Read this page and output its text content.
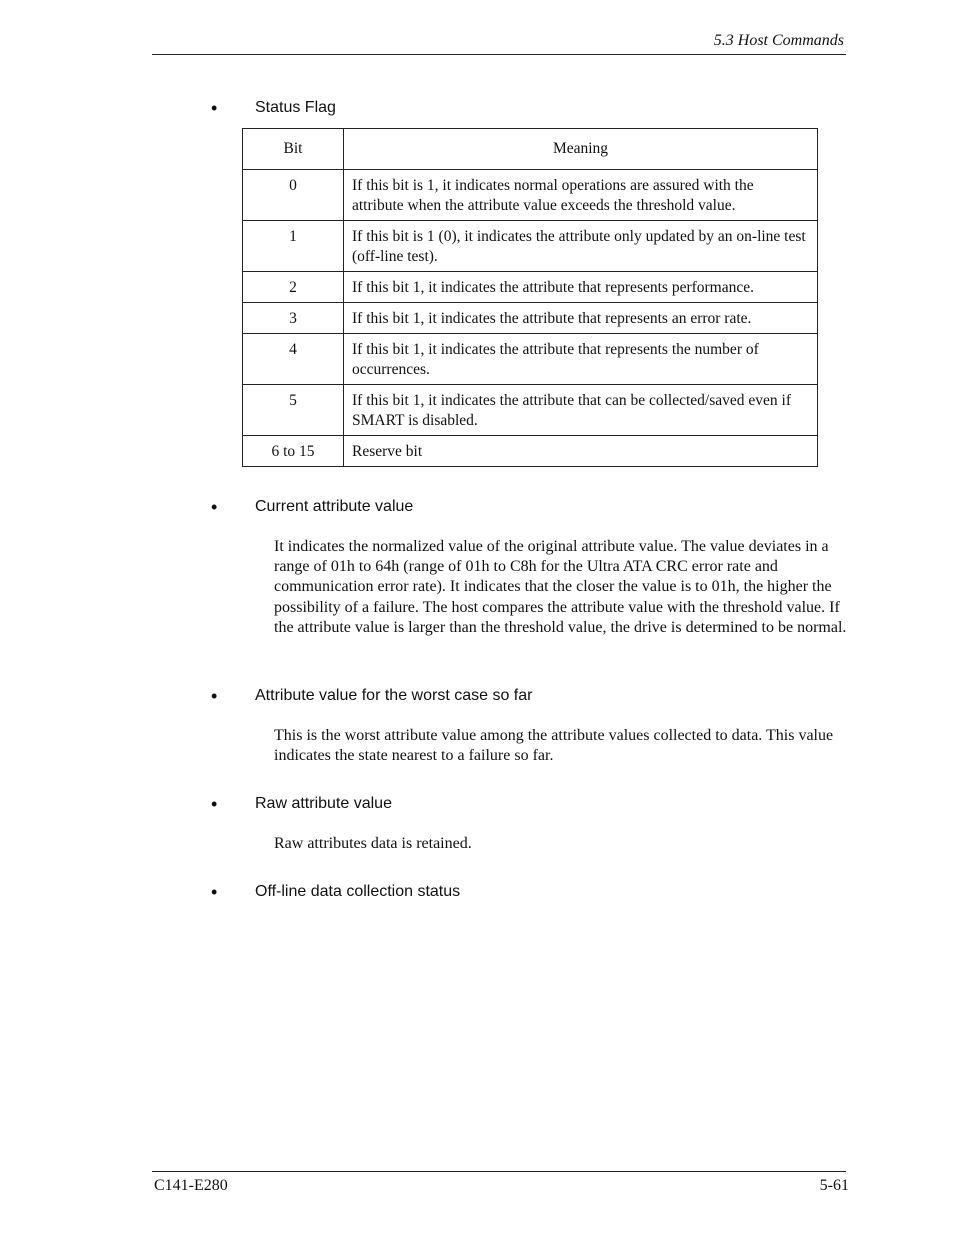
5.3 Host Commands
• Status Flag
Bit	Meaning
0	If this bit is 1, it indicates normal operations are assured with the attribute when the attribute value exceeds the threshold value.
1	If this bit is 1 (0), it indicates the attribute only updated by an on-line test (off-line test).
2	If this bit 1, it indicates the attribute that represents performance.
3	If this bit 1, it indicates the attribute that represents an error rate.
4	If this bit 1, it indicates the attribute that represents the number of occurrences.
5	If this bit 1, it indicates the attribute that can be collected/saved even if SMART is disabled.
6 to 15	Reserve bit
• Current attribute value
It indicates the normalized value of the original attribute value. The value deviates in a range of 01h to 64h (range of 01h to C8h for the Ultra ATA CRC error rate and communication error rate). It indicates that the closer the value is to 01h, the higher the possibility of a failure. The host compares the attribute value with the threshold value. If the attribute value is larger than the threshold value, the drive is determined to be normal.
• Attribute value for the worst case so far
This is the worst attribute value among the attribute values collected to data. This value indicates the state nearest to a failure so far.
• Raw attribute value
Raw attributes data is retained.
• Off-line data collection status
C141-E280	5-61
